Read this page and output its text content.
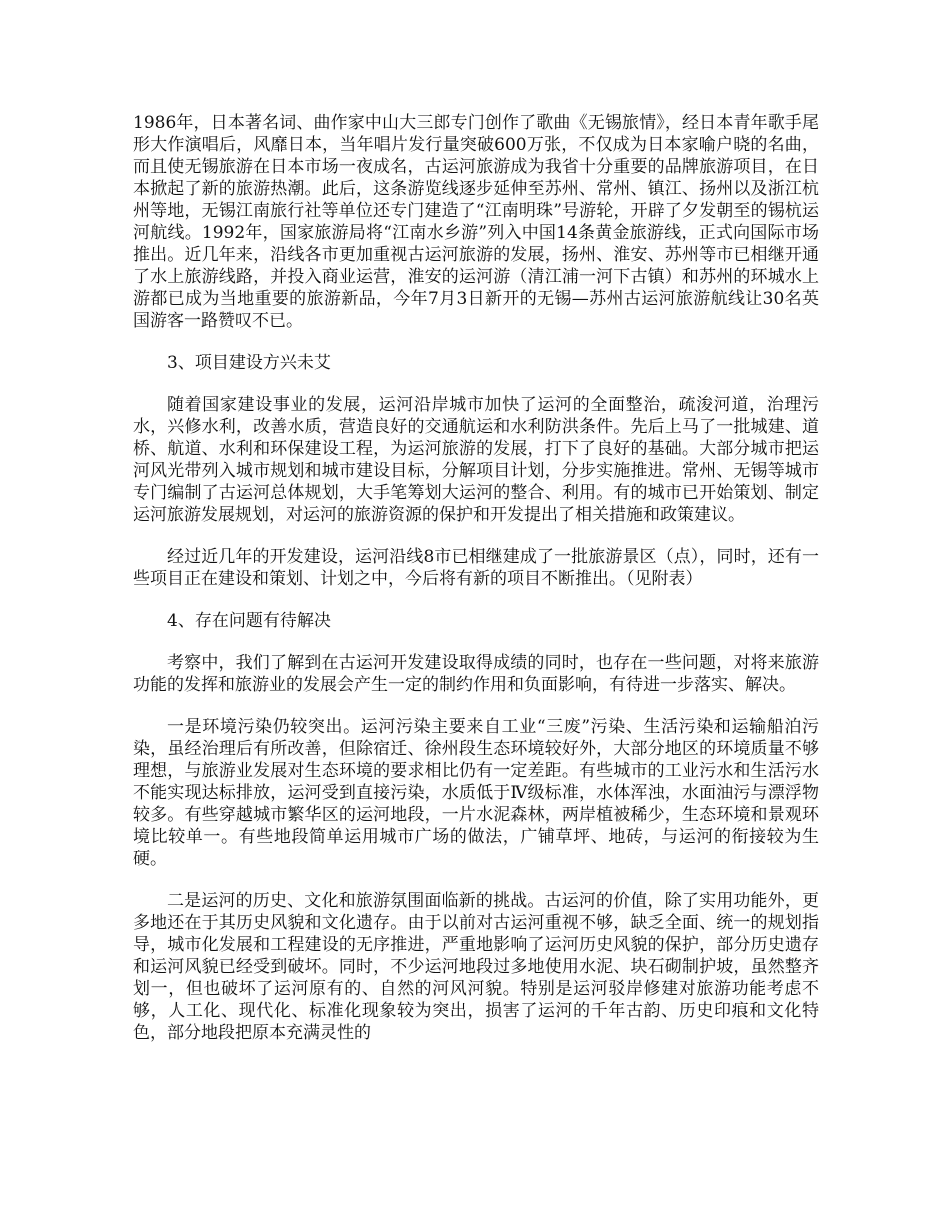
1986年，日本著名词、曲作家中山大三郎专门创作了歌曲《无锡旅情》，经日本青年歌手尾形大作演唱后，风靡日本，当年唱片发行量突破600万张，不仅成为日本家喻户晓的名曲，而且使无锡旅游在日本市场一夜成名，古运河旅游成为我省十分重要的品牌旅游项目，在日本掀起了新的旅游热潮。此后，这条游览线逐步延伸至苏州、常州、镇江、扬州以及浙江杭州等地，无锡江南旅行社等单位还专门建造了“江南明珠”号游轮，开辟了夕发朝至的锡杭运河航线。1992年，国家旅游局将“江南水乡游”列入中国14条黄金旅游线，正式向国际市场推出。近几年来，沿线各市更加重视古运河旅游的发展，扬州、淮安、苏州等市已相继开通了水上旅游线路，并投入商业运营，淮安的运河游（清江浦一河下古镇）和苏州的环城水上游都已成为当地重要的旅游新品，今年7月3日新开的无锡—苏州古运河旅游航线让30名英国游客一路赞叹不已。

3、项目建设方兴未艾

随着国家建设事业的发展，运河沿岸城市加快了运河的全面整治，疏浚河道，治理污水，兴修水利，改善水质，营造良好的交通航运和水利防洪条件。先后上马了一批城建、道桥、航道、水利和环保建设工程，为运河旅游的发展，打下了良好的基础。大部分城市把运河风光带列入城市规划和城市建设目标，分解项目计划，分步实施推进。常州、无锡等城市专门编制了古运河总体规划，大手笔筹划大运河的整合、利用。有的城市已开始策划、制定运河旅游发展规划，对运河的旅游资源的保护和开发提出了相关措施和政策建议。

经过近几年的开发建设，运河沿线8市已相继建成了一批旅游景区（点），同时，还有一些项目正在建设和策划、计划之中，今后将有新的项目不断推出。（见附表）

4、存在问题有待解决

考察中，我们了解到在古运河开发建设取得成绩的同时，也存在一些问题，对将来旅游功能的发挥和旅游业的发展会产生一定的制约作用和负面影响，有待进一步落实、解决。

一是环境污染仍较突出。运河污染主要来自工业“三废”污染、生活污染和运输船泊污染，虽经治理后有所改善，但除宿迁、徐州段生态环境较好外，大部分地区的环境质量不够理想，与旅游业发展对生态环境的要求相比仍有一定差距。有些城市的工业污水和生活污水不能实现达标排放，运河受到直接污染，水质低于Ⅳ级标准，水体浑浊，水面油污与漂浮物较多。有些穿越城市繁华区的运河地段，一片水泥森林，两岸植被稀少，生态环境和景观环境比较单一。有些地段简单运用城市广场的做法，广铺草坪、地砖，与运河的衔接较为生硬。

二是运河的历史、文化和旅游氛围面临新的挑战。古运河的价值，除了实用功能外，更多地还在于其历史风貌和文化遗存。由于以前对古运河重视不够，缺乏全面、统一的规划指导，城市化发展和工程建设的无序推进，严重地影响了运河历史风貌的保护，部分历史遗存和运河风貌已经受到破坏。同时，不少运河地段过多地使用水泥、块石砌制护坡，虽然整齐划一，但也破坏了运河原有的、自然的河风河貌。特别是运河驳岸修建对旅游功能考虑不够，人工化、现代化、标准化现象较为突出，损害了运河的千年古韵、历史印痕和文化特色，部分地段把原本充满灵性的
